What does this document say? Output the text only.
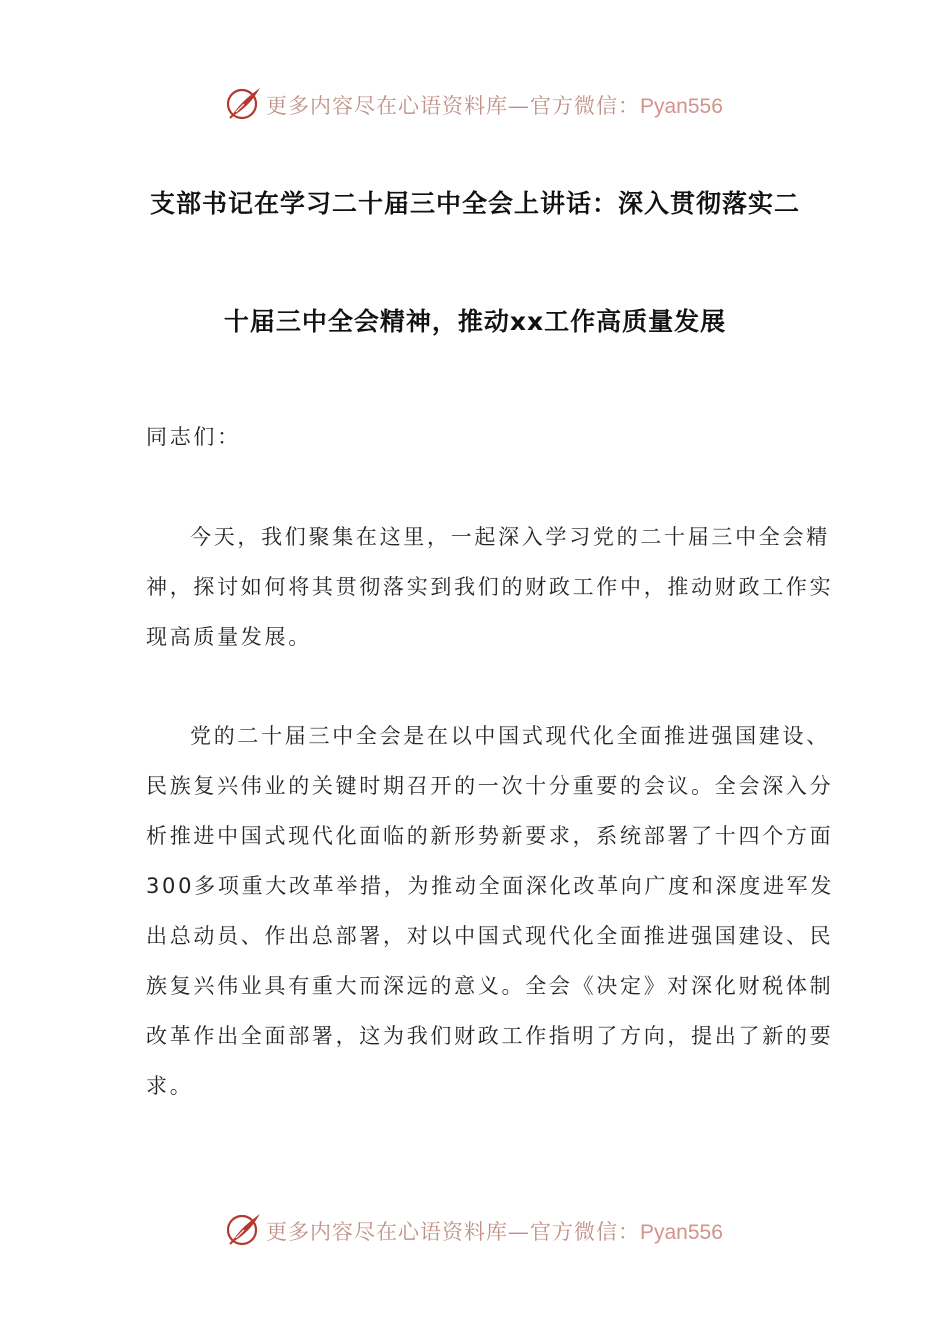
更多内容尽在心语资料库—官方微信：Pyan556
支部书记在学习二十届三中全会上讲话：深入贯彻落实二
十届三中全会精神，推动xx工作高质量发展
同志们：
今天，我们聚集在这里，一起深入学习党的二十届三中全会精
神，探讨如何将其贯彻落实到我们的财政工作中，推动财政工作实
现高质量发展。
党的二十届三中全会是在以中国式现代化全面推进强国建设、
民族复兴伟业的关键时期召开的一次十分重要的会议。全会深入分
析推进中国式现代化面临的新形势新要求，系统部署了十四个方面
300多项重大改革举措，为推动全面深化改革向广度和深度进军发
出总动员、作出总部署，对以中国式现代化全面推进强国建设、民
族复兴伟业具有重大而深远的意义。全会《决定》对深化财税体制
改革作出全面部署，这为我们财政工作指明了方向，提出了新的要
求。
更多内容尽在心语资料库—官方微信：Pyan556
